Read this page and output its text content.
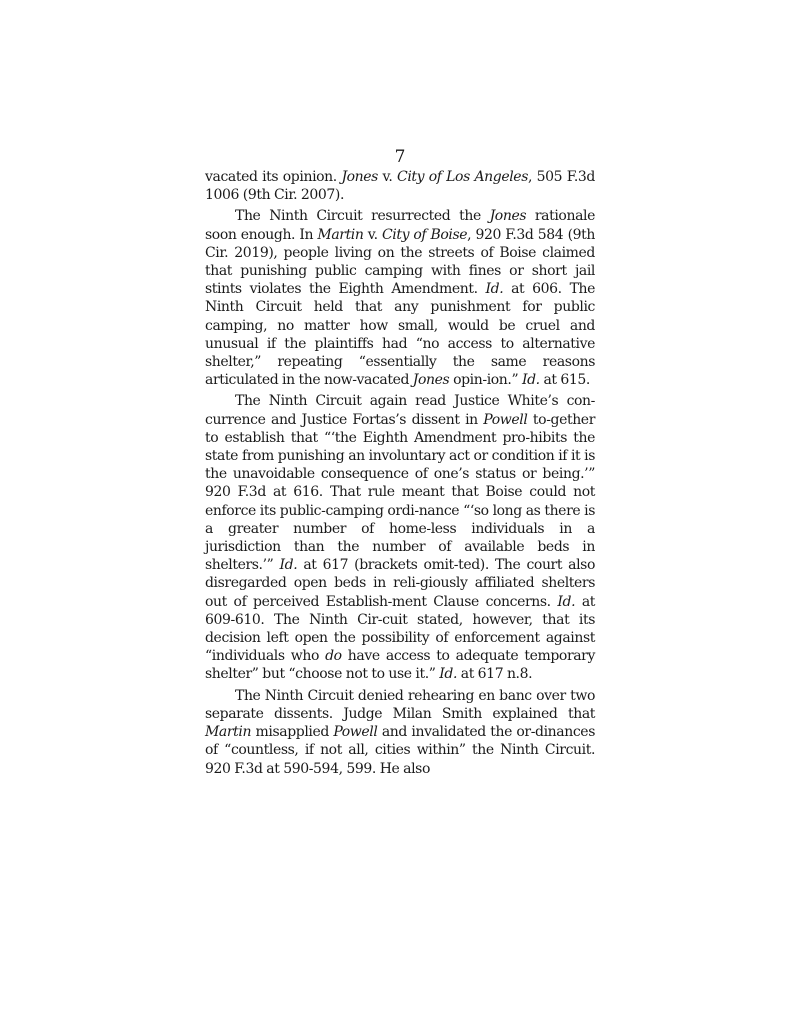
7

vacated its opinion. Jones v. City of Los Angeles, 505 F.3d 1006 (9th Cir. 2007).

The Ninth Circuit resurrected the Jones rationale soon enough. In Martin v. City of Boise, 920 F.3d 584 (9th Cir. 2019), people living on the streets of Boise claimed that punishing public camping with fines or short jail stints violates the Eighth Amendment. Id. at 606. The Ninth Circuit held that any punishment for public camping, no matter how small, would be cruel and unusual if the plaintiffs had “no access to alternative shelter,” repeating “essentially the same reasons articulated in the now-vacated Jones opin-ion.” Id. at 615.

The Ninth Circuit again read Justice White’s con-currence and Justice Fortas’s dissent in Powell to-gether to establish that “‘the Eighth Amendment pro-hibits the state from punishing an involuntary act or condition if it is the unavoidable consequence of one’s status or being.’” 920 F.3d at 616. That rule meant that Boise could not enforce its public-camping ordi-nance “‘so long as there is a greater number of home-less individuals in a jurisdiction than the number of available beds in shelters.’” Id. at 617 (brackets omit-ted). The court also disregarded open beds in reli-giously affiliated shelters out of perceived Establish-ment Clause concerns. Id. at 609-610. The Ninth Cir-cuit stated, however, that its decision left open the possibility of enforcement against “individuals who do have access to adequate temporary shelter” but “choose not to use it.” Id. at 617 n.8.

The Ninth Circuit denied rehearing en banc over two separate dissents. Judge Milan Smith explained that Martin misapplied Powell and invalidated the or-dinances of “countless, if not all, cities within” the Ninth Circuit. 920 F.3d at 590-594, 599. He also
